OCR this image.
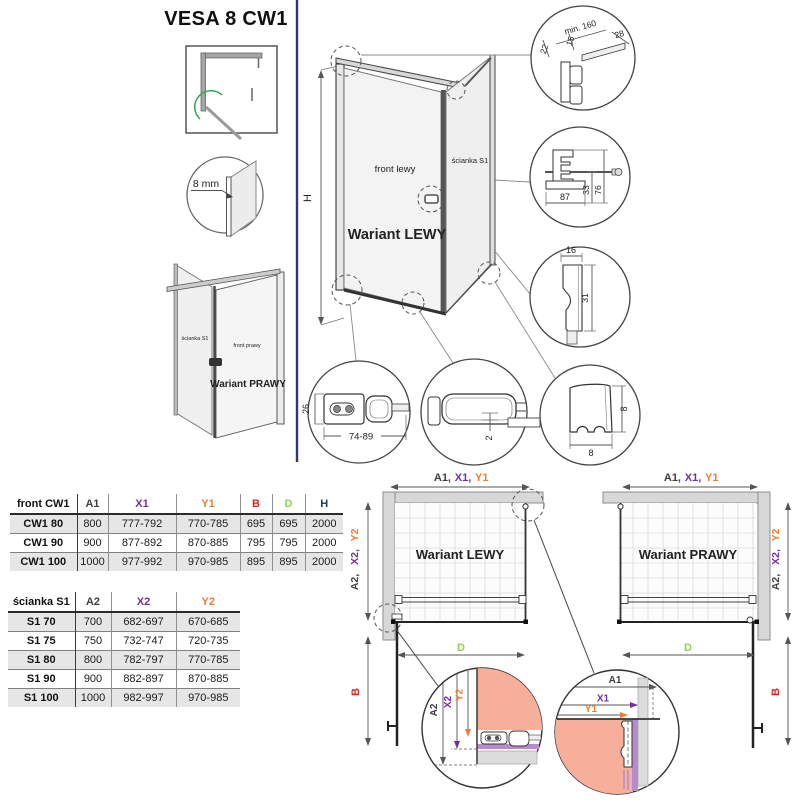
VESA 8 CW1
8 mm
ścianka S1
front prawy
Wariant PRAWY
H
front lewy
ścianka S1
Wariant LEWY
min. 160 28
15
22
87
33 76
16
31
26
74-89	2
8
8
front CW1	A1	X1	Y1	B	D	H
CW1 80	800	777-792	770-785	695	695	2000
CW1 90	900	877-892	870-885	795	795	2000
CW1 100	1000	977-992	970-985	895	895	2000
ścianka S1	A2	X2	Y2
S1 70	700	682-697	670-685
S1 75	750	732-747	720-735
S1 80	800	782-797	770-785
S1 90	900	882-897	870-885
S1 100	1000	982-997	970-985
A1, X1, Y1
D
Y2
X2,
A2,
B
Wariant LEWY
A1, X1, Y1
D
Y2
X2,
A2,
B
Wariant PRAWY
A2
X2
Y2
A1
X1
Y1
